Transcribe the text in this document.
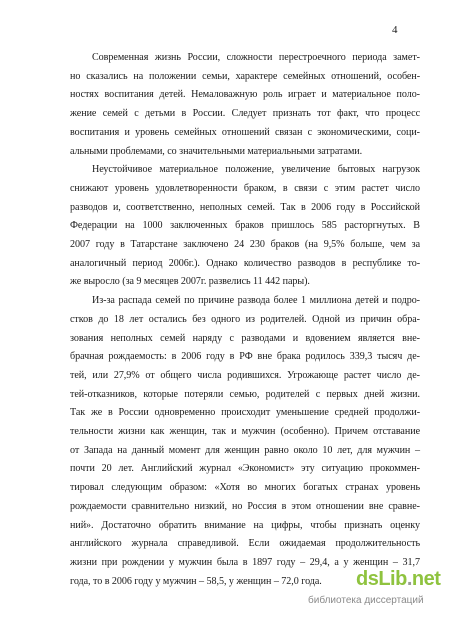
4
Современная жизнь России, сложности перестроечного периода замет-
но сказались на положении семьи, характере семейных отношений, особен-
ностях воспитания детей. Немаловажную роль играет и материальное поло-
жение семей с детьми в России. Следует признать тот факт, что процесс
воспитания и уровень семейных отношений связан с экономическими, соци-
альными проблемами, со значительными материальными затратами.
Неустойчивое материальное положение, увеличение бытовых нагрузок
снижают уровень удовлетворенности браком, в связи с этим растет число
разводов и, соответственно, неполных семей. Так в 2006 году в Российской
Федерации на 1000 заключенных браков пришлось 585 расторгнутых. В
2007 году в Татарстане заключено 24 230 браков (на 9,5% больше, чем за
аналогичный период 2006г.). Однако количество разводов в республике то-
же выросло (за 9 месяцев 2007г. развелись 11 442 пары).
Из-за распада семей по причине развода более 1 миллиона детей и подро-
стков до 18 лет остались без одного из родителей. Одной из причин обра-
зования неполных семей наряду с разводами и вдовением является вне-
брачная рождаемость: в 2006 году в РФ вне брака родилось 339,3 тысяч де-
тей, или 27,9% от общего числа родившихся. Угрожающе растет число де-
тей-отказников, которые потеряли семью, родителей с первых дней жизни.
Так же в России одновременно происходит уменьшение средней продолжи-
тельности жизни как женщин, так и мужчин (особенно). Причем отставание
от Запада на данный момент для женщин равно около 10 лет, для мужчин –
почти 20 лет. Английский журнал «Экономист» эту ситуацию прокоммен-
тировал следующим образом: «Хотя во многих богатых странах уровень
рождаемости сравнительно низкий, но Россия в этом отношении вне сравне-
ний». Достаточно обратить внимание на цифры, чтобы признать оценку
английского журнала справедливой. Если ожидаемая продолжительность
жизни при рождении у мужчин была в 1897 году – 29,4, а у женщин – 31,7
года, то в 2006 году у мужчин – 58,5, у женщин – 72,0 года.	dsLib.net
библиотека диссертаций
